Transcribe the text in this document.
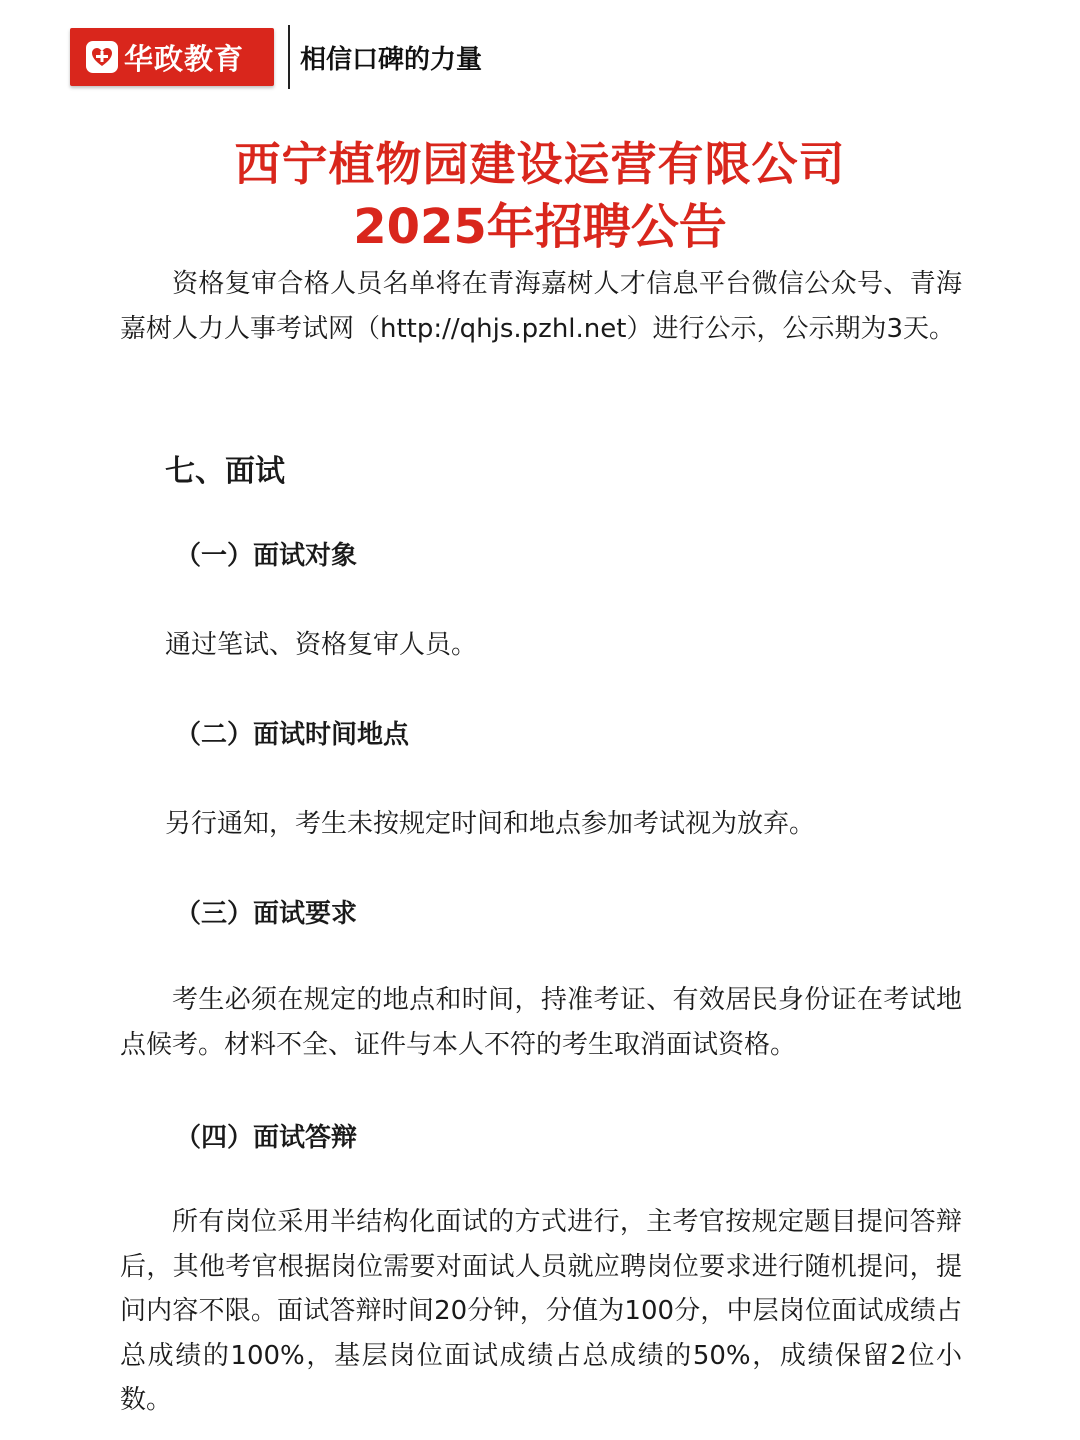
华政教育 相信口碑的力量
西宁植物园建设运营有限公司
2025年招聘公告

资格复审合格人员名单将在青海嘉树人才信息平台微信公众号、青海嘉树人力人事考试网（http://qhjs.pzhl.net）进行公示，公示期为3天。

七、面试
（一）面试对象

通过笔试、资格复审人员。

（二）面试时间地点

另行通知，考生未按规定时间和地点参加考试视为放弃。

（三）面试要求

考生必须在规定的地点和时间，持准考证、有效居民身份证在考试地点候考。材料不全、证件与本人不符的考生取消面试资格。

（四）面试答辩

所有岗位采用半结构化面试的方式进行，主考官按规定题目提问答辩后，其他考官根据岗位需要对面试人员就应聘岗位要求进行随机提问，提问内容不限。面试答辩时间20分钟，分值为100分，中层岗位面试成绩占总成绩的100%，基层岗位面试成绩占总成绩的50%，成绩保留2位小数。
